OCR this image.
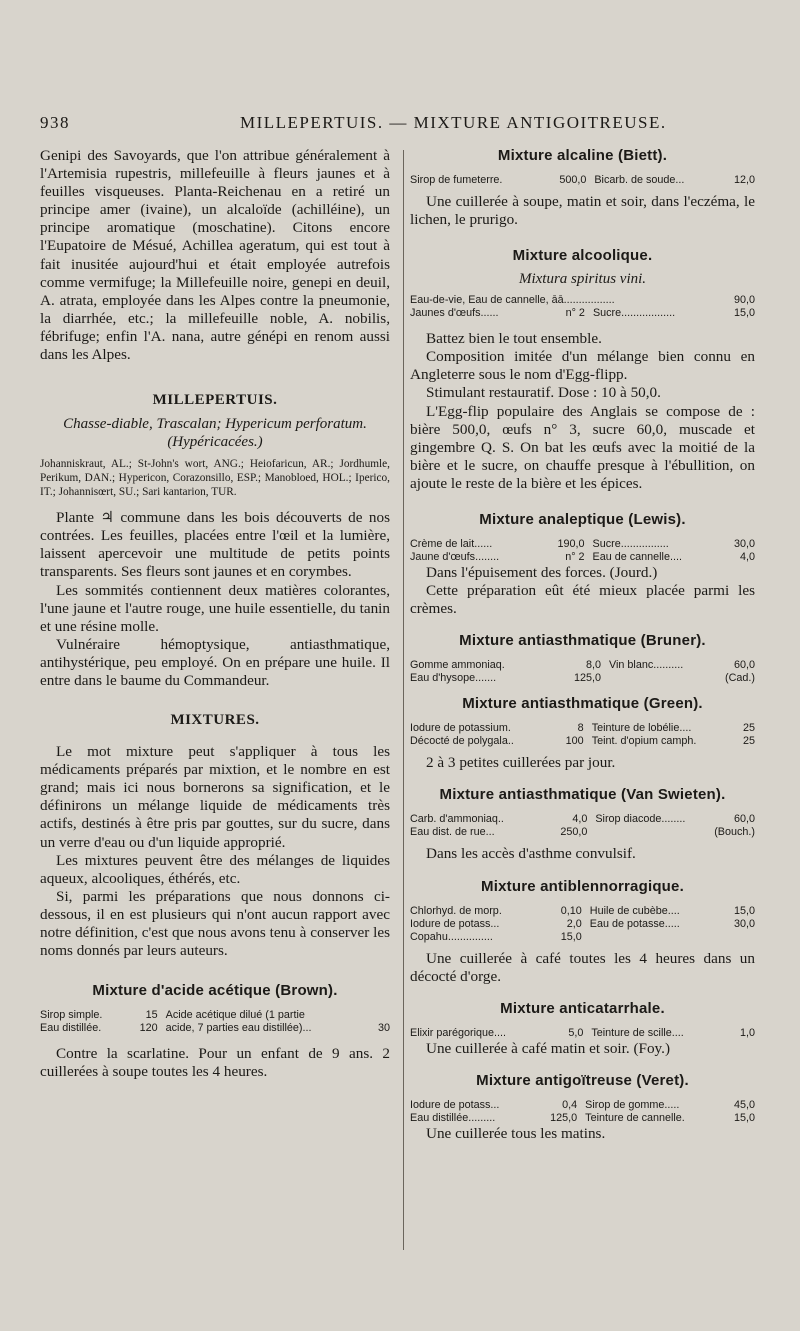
938	MILLEPERTUIS. — MIXTURE ANTIGOITREUSE.

Genipi des Savoyards, que l'on attribue généralement à l'Artemisia rupestris, millefeuille à fleurs jaunes et à feuilles visqueuses. Planta-Reichenau en a retiré un principe amer (ivaine), un alcaloïde (achilléine), un principe aromatique (moschatine). Citons encore l'Eupatoire de Mésué, Achillea ageratum, qui est tout à fait inusitée aujourd'hui et était employée autrefois comme vermifuge; la Millefeuille noire, genepi en deuil, A. atrata, employée dans les Alpes contre la pneumonie, la diarrhée, etc.; la millefeuille noble, A. nobilis, fébrifuge; enfin l'A. nana, autre génépi en renom aussi dans les Alpes.

MILLEPERTUIS.

Chasse-diable, Trascalan; Hypericum perforatum. (Hypéricacées.)

Johanniskraut, AL.; St-John's wort, ANG.; Heiofaricun, AR.; Jordhumle, Perikum, DAN.; Hypericon, Corazonsillo, ESP.; Manobloed, HOL.; Iperico, IT.; Johannisœrt, SU.; Sari kantarion, TUR.

Plante ♃ commune dans les bois découverts de nos contrées. Les feuilles, placées entre l'œil et la lumière, laissent apercevoir une multitude de petits points transparents. Ses fleurs sont jaunes et en corymbes.

Les sommités contiennent deux matières colorantes, l'une jaune et l'autre rouge, une huile essentielle, du tanin et une résine molle.

Vulnéraire hémoptysique, antiasthmatique, antihystérique, peu employé. On en prépare une huile. Il entre dans le baume du Commandeur.

MIXTURES.

Le mot mixture peut s'appliquer à tous les médicaments préparés par mixtion, et le nombre en est grand; mais ici nous bornerons sa signification, et le définirons un mélange liquide de médicaments très actifs, destinés à être pris par gouttes, sur du sucre, dans un verre d'eau ou d'un liquide approprié.

Les mixtures peuvent être des mélanges de liquides aqueux, alcooliques, éthérés, etc.

Si, parmi les préparations que nous donnons ci-dessous, il en est plusieurs qui n'ont aucun rapport avec notre définition, c'est que nous avons tenu à conserver les noms donnés par leurs auteurs.

Mixture d'acide acétique (Brown).
Sirop simple.	15	Acide acétique dilué (1 partie	
Eau distillée.	120	acide, 7 parties eau distillée)...	30

Contre la scarlatine. Pour un enfant de 9 ans. 2 cuillerées à soupe toutes les 4 heures.

Mixture alcaline (Biett).
Sirop de fumeterre.	500,0	Bicarb. de soude...	12,0

Une cuillerée à soupe, matin et soir, dans l'eczéma, le lichen, le prurigo.

Mixture alcoolique.

Mixtura spiritus vini.

Eau-de-vie, Eau de cannelle, āā.................			90,0
Jaunes d'œufs......	n° 2	Sucre..................	15,0

Battez bien le tout ensemble.

Composition imitée d'un mélange bien connu en Angleterre sous le nom d'Egg-flipp.

Stimulant restauratif. Dose : 10 à 50,0.

L'Egg-flip populaire des Anglais se compose de : bière 500,0, œufs n° 3, sucre 60,0, muscade et gingembre Q. S. On bat les œufs avec la moitié de la bière et le sucre, on chauffe presque à l'ébullition, on ajoute le reste de la bière et les épices.

Mixture analeptique (Lewis).
Crème de lait......	190,0	Sucre................	30,0
Jaune d'œufs........	n° 2	Eau de cannelle....	4,0

Dans l'épuisement des forces. (Jourd.)

Cette préparation eût été mieux placée parmi les crèmes.

Mixture antiasthmatique (Bruner).
Gomme ammoniaq.	8,0	Vin blanc..........	60,0
Eau d'hysope.......	125,0	(Cad.)	
Mixture antiasthmatique (Green).
Iodure de potassium.	8	Teinture de lobélie....	25
Décocté de polygala..	100	Teint. d'opium camph.	25

2 à 3 petites cuillerées par jour.

Mixture antiasthmatique (Van Swieten).
Carb. d'ammoniaq..	4,0	Sirop diacode........	60,0
Eau dist. de rue...	250,0	(Bouch.)	

Dans les accès d'asthme convulsif.

Mixture antiblennorragique.
Chlorhyd. de morp.	0,10	Huile de cubèbe....	15,0
Iodure de potass...	2,0	Eau de potasse.....	30,0
Copahu...............	15,0		

Une cuillerée à café toutes les 4 heures dans un décocté d'orge.

Mixture anticatarrhale.
Elixir parégorique....	5,0	Teinture de scille....	1,0

Une cuillerée à café matin et soir. (Foy.)

Mixture antigoïtreuse (Veret).
Iodure de potass...	0,4	Sirop de gomme.....	45,0
Eau distillée.........	125,0	Teinture de cannelle.	15,0

Une cuillerée tous les matins.
